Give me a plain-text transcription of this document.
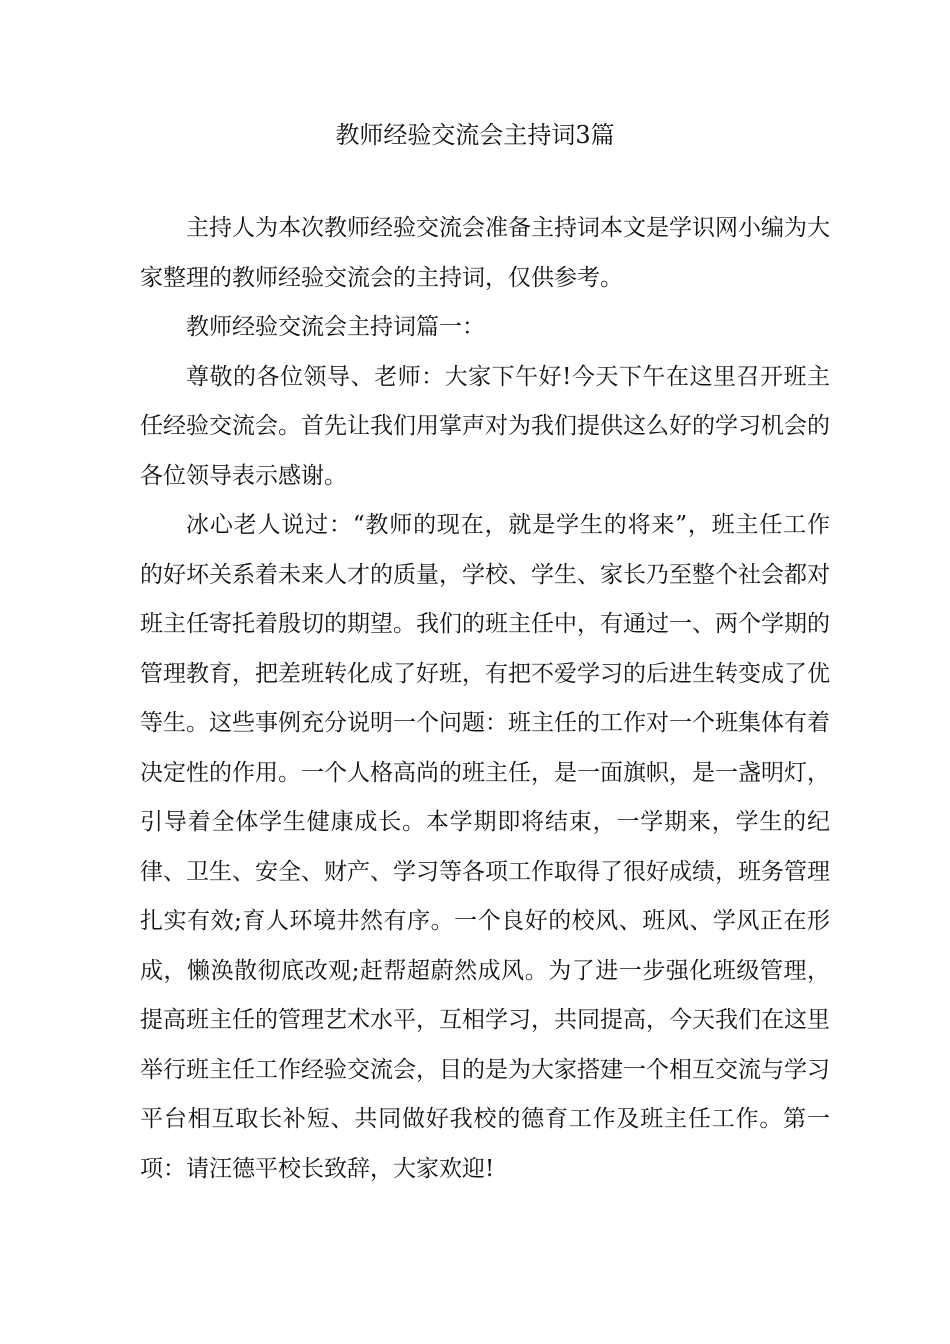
教师经验交流会主持词3篇

主持人为本次教师经验交流会准备主持词本文是学识网小编为大家整理的教师经验交流会的主持词，仅供参考。

教师经验交流会主持词篇一：

尊敬的各位领导、老师：大家下午好!今天下午在这里召开班主任经验交流会。首先让我们用掌声对为我们提供这么好的学习机会的各位领导表示感谢。

冰心老人说过：“教师的现在，就是学生的将来”，班主任工作的好坏关系着未来人才的质量，学校、学生、家长乃至整个社会都对班主任寄托着殷切的期望。我们的班主任中，有通过一、两个学期的管理教育，把差班转化成了好班，有把不爱学习的后进生转变成了优等生。这些事例充分说明一个问题：班主任的工作对一个班集体有着决定性的作用。一个人格高尚的班主任，是一面旗帜，是一盏明灯，引导着全体学生健康成长。本学期即将结束，一学期来，学生的纪律、卫生、安全、财产、学习等各项工作取得了很好成绩，班务管理扎实有效;育人环境井然有序。一个良好的校风、班风、学风正在形成，懒涣散彻底改观;赶帮超蔚然成风。为了进一步强化班级管理，提高班主任的管理艺术水平，互相学习，共同提高，今天我们在这里举行班主任工作经验交流会，目的是为大家搭建一个相互交流与学习平台相互取长补短、共同做好我校的德育工作及班主任工作。第一项：请汪德平校长致辞，大家欢迎!
